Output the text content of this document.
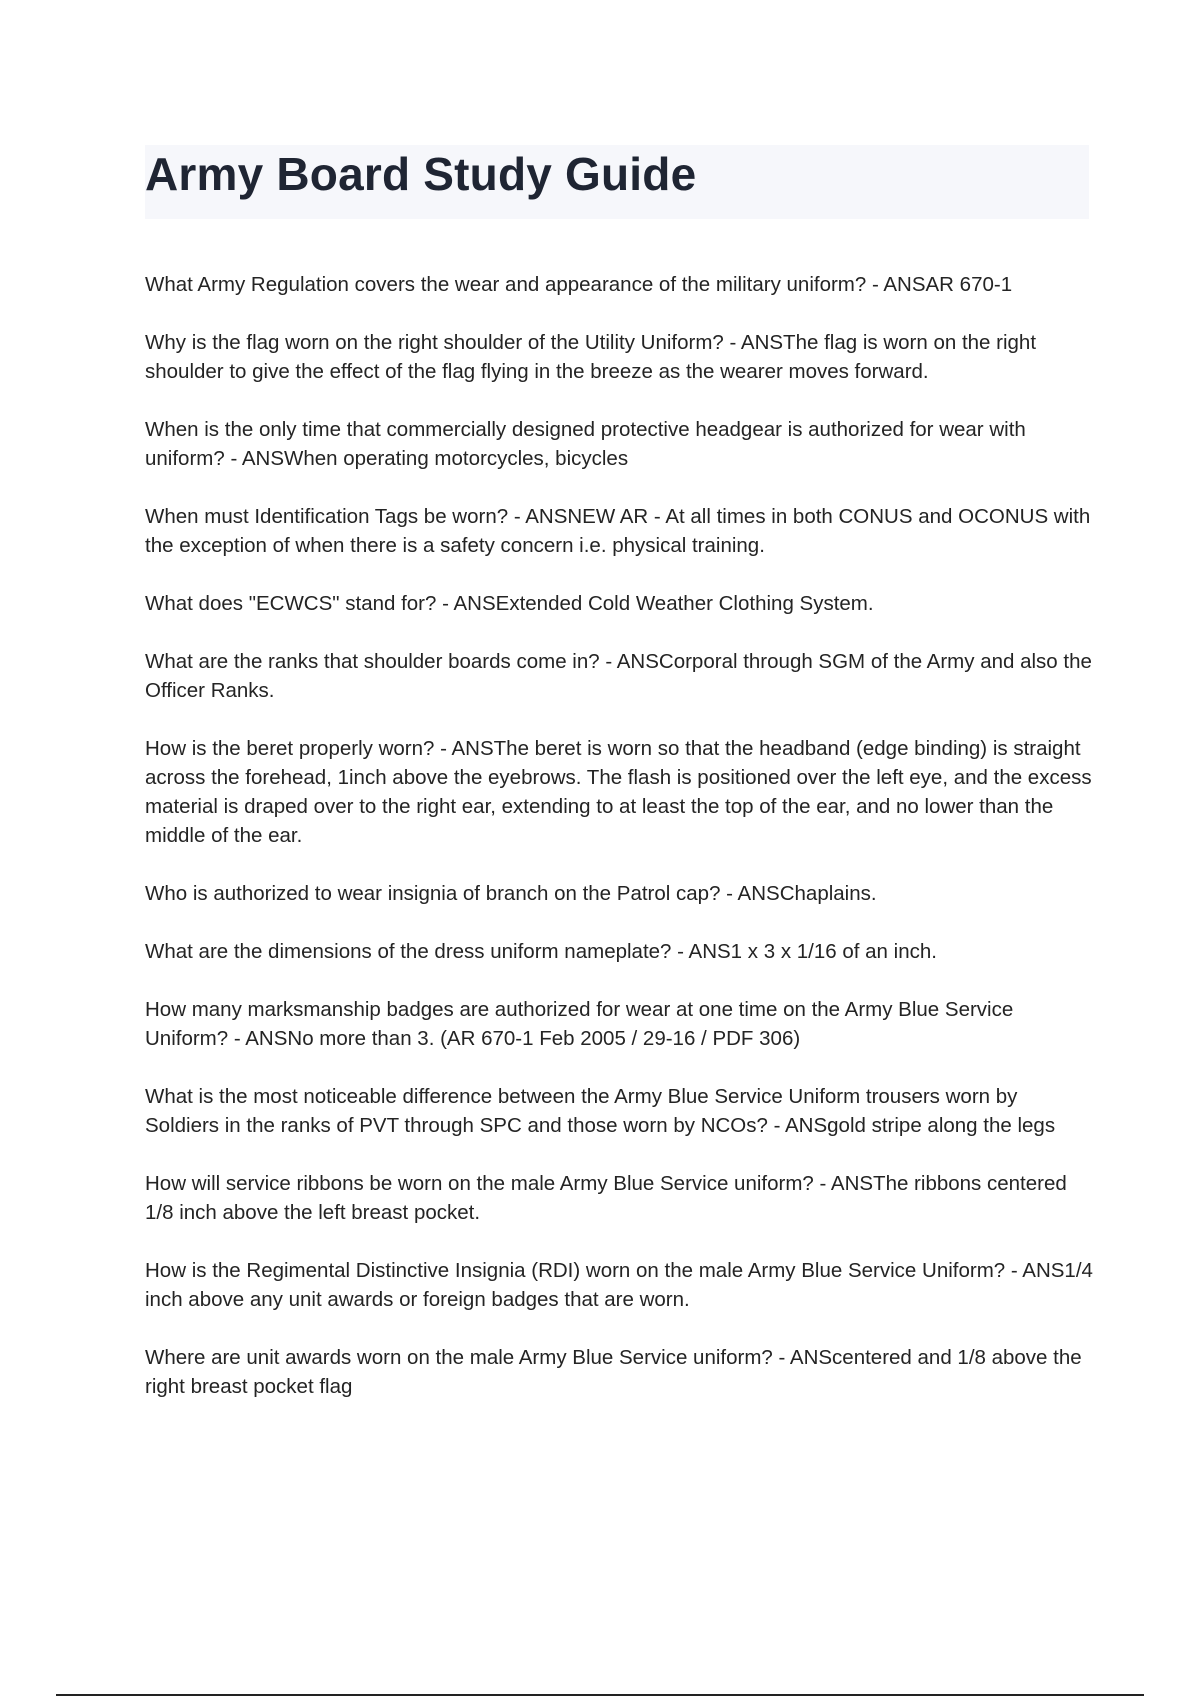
Army Board Study Guide
What Army Regulation covers the wear and appearance of the military uniform? - ANSAR 670-1
Why is the flag worn on the right shoulder of the Utility Uniform? - ANSThe flag is worn on the right shoulder to give the effect of the flag flying in the breeze as the wearer moves forward.
When is the only time that commercially designed protective headgear is authorized for wear with uniform? - ANSWhen operating motorcycles, bicycles
When must Identification Tags be worn? - ANSNEW AR - At all times in both CONUS and OCONUS with the exception of when there is a safety concern i.e. physical training.
What does "ECWCS" stand for? - ANSExtended Cold Weather Clothing System.
What are the ranks that shoulder boards come in? - ANSCorporal through SGM of the Army and also the Officer Ranks.
How is the beret properly worn? - ANSThe beret is worn so that the headband (edge binding) is straight across the forehead, 1inch above the eyebrows. The flash is positioned over the left eye, and the excess material is draped over to the right ear, extending to at least the top of the ear, and no lower than the middle of the ear.
Who is authorized to wear insignia of branch on the Patrol cap? - ANSChaplains.
What are the dimensions of the dress uniform nameplate? - ANS1 x 3 x 1/16 of an inch.
How many marksmanship badges are authorized for wear at one time on the Army Blue Service Uniform? - ANSNo more than 3. (AR 670-1 Feb 2005 / 29-16 / PDF 306)
What is the most noticeable difference between the Army Blue Service Uniform trousers worn by Soldiers in the ranks of PVT through SPC and those worn by NCOs? - ANSgold stripe along the legs
How will service ribbons be worn on the male Army Blue Service uniform? - ANSThe ribbons centered 1/8 inch above the left breast pocket.
How is the Regimental Distinctive Insignia (RDI) worn on the male Army Blue Service Uniform? - ANS1/4 inch above any unit awards or foreign badges that are worn.
Where are unit awards worn on the male Army Blue Service uniform? - ANScentered and 1/8 above the right breast pocket flag
